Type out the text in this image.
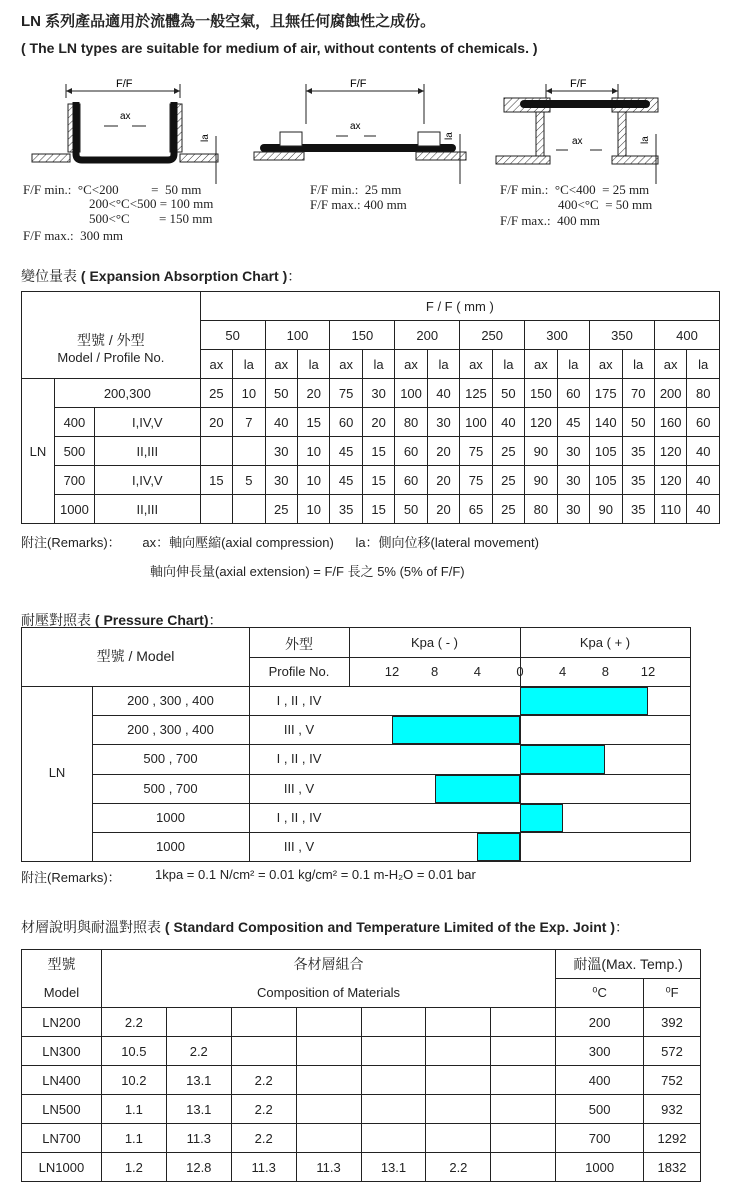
LN 系列產品適用於流體為一般空氣，且無任何腐蝕性之成份。
( The LN types are suitable for medium of air, without contents of chemicals. )
F/F
ax
la
F/F
ax
la
F/F
ax	la
F/F min.:  °C<200          =  50 mm
200<°C<500 = 100 mm
500<°C         = 150 mm
F/F max.:  300 mm
F/F min.:  25 mm
F/F max.: 400 mm
F/F min.:  °C<400  = 25 mm
400<°C  = 50 mm
F/F max.:  400 mm
變位量表 ( Expansion Absorption Chart )：
型號 / 外型			F / F ( mm )															
			50		100		150		200		250		300		350		400	
Model / Profile No.			ax	la	ax	la	ax	la	ax	la	ax	la	ax	la	ax	la	ax	la
LN	200,300		25	10	50	20	75	30	100	40	125	50	150	60	175	70	200	80
	400	I,IV,V	20	7	40	15	60	20	80	30	100	40	120	45	140	50	160	60
	500	II,III			30	10	45	15	60	20	75	25	90	30	105	35	120	40
	700	I,IV,V	15	5	30	10	45	15	60	20	75	25	90	30	105	35	120	40
	1000	II,III			25	10	35	15	50	20	65	25	80	30	90	35	110	40
附注(Remarks)：      ax：軸向壓縮(axial compression)      la：側向位移(lateral movement)
軸向伸長量(axial extension) = F/F 長之 5% (5% of F/F)
耐壓對照表 ( Pressure Chart)：
型號 / Model
外型
Profile No.
Kpa ( - )	Kpa ( + )
12	8	4	0	4	8	12
LN
200 , 300 , 400	I , II , IV
200 , 300 , 400	III , V
500 , 700	I , II , IV
500 , 700	III , V
1000	I , II , IV
1000	III , V
附注(Remarks)：	1kpa = 0.1 N/cm² = 0.01 kg/cm² = 0.1 m-H₂O = 0.01 bar
材層說明與耐溫對照表 ( Standard Composition and Temperature Limited of the Exp. Joint )：
型號	各材層組合							耐溫(Max. Temp.)	
Model	Composition of Materials							⁰C	⁰F
LN200	2.2							200	392
LN300	10.5	2.2						300	572
LN400	10.2	13.1	2.2					400	752
LN500	1.1	13.1	2.2					500	932
LN700	1.1	11.3	2.2					700	1292
LN1000	1.2	12.8	11.3	11.3	13.1	2.2		1000	1832
